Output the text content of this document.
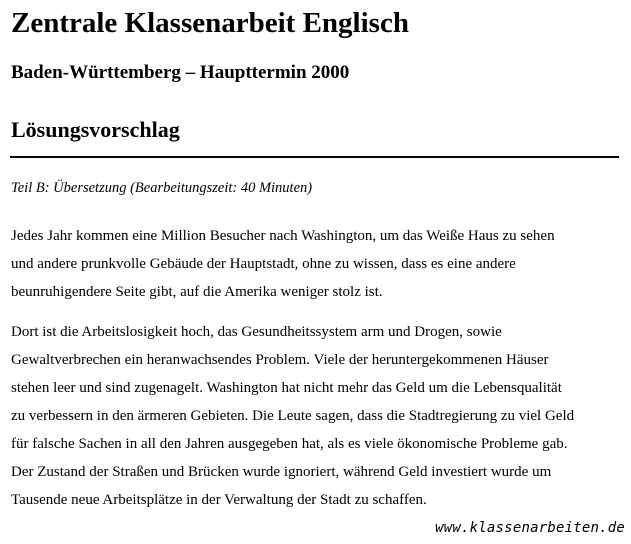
Zentrale Klassenarbeit Englisch
Baden-Württemberg – Haupttermin 2000
Lösungsvorschlag

Teil B: Übersetzung (Bearbeitungszeit: 40 Minuten)

Jedes Jahr kommen eine Million Besucher nach Washington, um das Weiße Haus zu sehen
und andere prunkvolle Gebäude der Hauptstadt, ohne zu wissen, dass es eine andere
beunruhigendere Seite gibt, auf die Amerika weniger stolz ist.

Dort ist die Arbeitslosigkeit hoch, das Gesundheitssystem arm und Drogen, sowie
Gewaltverbrechen ein heranwachsendes Problem. Viele der heruntergekommenen Häuser
stehen leer und sind zugenagelt. Washington hat nicht mehr das Geld um die Lebensqualität
zu verbessern in den ärmeren Gebieten. Die Leute sagen, dass die Stadtregierung zu viel Geld
für falsche Sachen in all den Jahren ausgegeben hat, als es viele ökonomische Probleme gab.
Der Zustand der Straßen und Brücken wurde ignoriert, während Geld investiert wurde um
Tausende neue Arbeitsplätze in der Verwaltung der Stadt zu schaffen.

www.klassenarbeiten.de
